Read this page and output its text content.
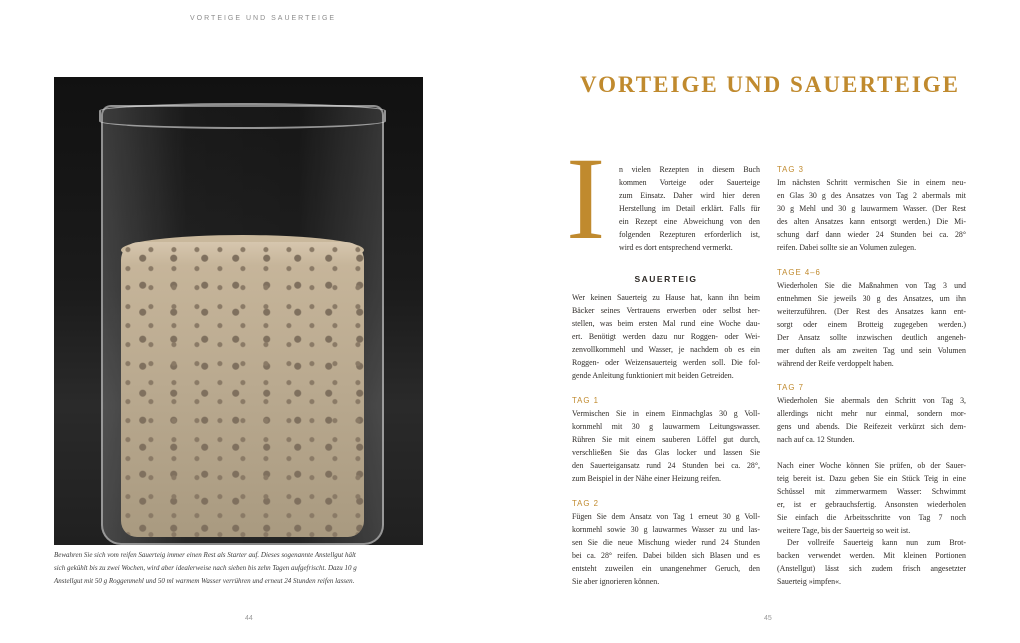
VORTEIGE UND SAUERTEIGE
Bewahren Sie sich vom reifen Sauerteig immer einen Rest als Starter auf. Dieses sogenannte Anstellgut hält
sich gekühlt bis zu zwei Wochen, wird aber idealerweise nach sieben bis zehn Tagen aufgefrischt. Dazu 10 g
Anstellgut mit 50 g Roggenmehl und 50 ml warmem Wasser verrühren und erneut 24 Stunden reifen lassen.
44	45
VORTEIGE UND SAUERTEIGE
I n vielen Rezepten in diesem Buch
kommen Vorteige oder Sauerteige
zum Einsatz. Daher wird hier deren
Herstellung im Detail erklärt. Falls für
ein Rezept eine Abweichung von den
folgenden Rezepturen erforderlich ist,
wird es dort entsprechend vermerkt.
SAUERTEIG
Wer keinen Sauerteig zu Hause hat, kann ihn beim
Bäcker seines Vertrauens erwerben oder selbst her-
stellen, was beim ersten Mal rund eine Woche dau-
ert. Benötigt werden dazu nur Roggen- oder Wei-
zenvollkornmehl und Wasser, je nachdem ob es ein
Roggen- oder Weizensauerteig werden soll. Die fol-
gende Anleitung funktioniert mit beiden Getreiden.
TAG 1
Vermischen Sie in einem Einmachglas 30 g Voll-
kornmehl mit 30 g lauwarmem Leitungswasser.
Rühren Sie mit einem sauberen Löffel gut durch,
verschließen Sie das Glas locker und lassen Sie
den Sauerteigansatz rund 24 Stunden bei ca. 28°,
zum Beispiel in der Nähe einer Heizung reifen.
TAG 2
Fügen Sie dem Ansatz von Tag 1 erneut 30 g Voll-
kornmehl sowie 30 g lauwarmes Wasser zu und las-
sen Sie die neue Mischung wieder rund 24 Stunden
bei ca. 28° reifen. Dabei bilden sich Blasen und es
entsteht zuweilen ein unangenehmer Geruch, den
Sie aber ignorieren können.
TAG 3
Im nächsten Schritt vermischen Sie in einem neu-
en Glas 30 g des Ansatzes von Tag 2 abermals mit
30 g Mehl und 30 g lauwarmem Wasser. (Der Rest
des alten Ansatzes kann entsorgt werden.) Die Mi-
schung darf dann wieder 24 Stunden bei ca. 28°
reifen. Dabei sollte sie an Volumen zulegen.
TAGE 4–6
Wiederholen Sie die Maßnahmen von Tag 3 und
entnehmen Sie jeweils 30 g des Ansatzes, um ihn
weiterzuführen. (Der Rest des Ansatzes kann ent-
sorgt oder einem Brotteig zugegeben werden.)
Der Ansatz sollte inzwischen deutlich angeneh-
mer duften als am zweiten Tag und sein Volumen
während der Reife verdoppelt haben.
TAG 7
Wiederholen Sie abermals den Schritt von Tag 3,
allerdings nicht mehr nur einmal, sondern mor-
gens und abends. Die Reifezeit verkürzt sich dem-
nach auf ca. 12 Stunden.
Nach einer Woche können Sie prüfen, ob der Sauer-
teig bereit ist. Dazu geben Sie ein Stück Teig in eine
Schüssel mit zimmerwarmem Wasser: Schwimmt
er, ist er gebrauchsfertig. Ansonsten wiederholen
Sie einfach die Arbeitsschritte von Tag 7 noch
weitere Tage, bis der Sauerteig so weit ist.
Der vollreife Sauerteig kann nun zum Brot-
backen verwendet werden. Mit kleinen Portionen
(Anstellgut) lässt sich zudem frisch angesetzter
Sauerteig »impfen«.
